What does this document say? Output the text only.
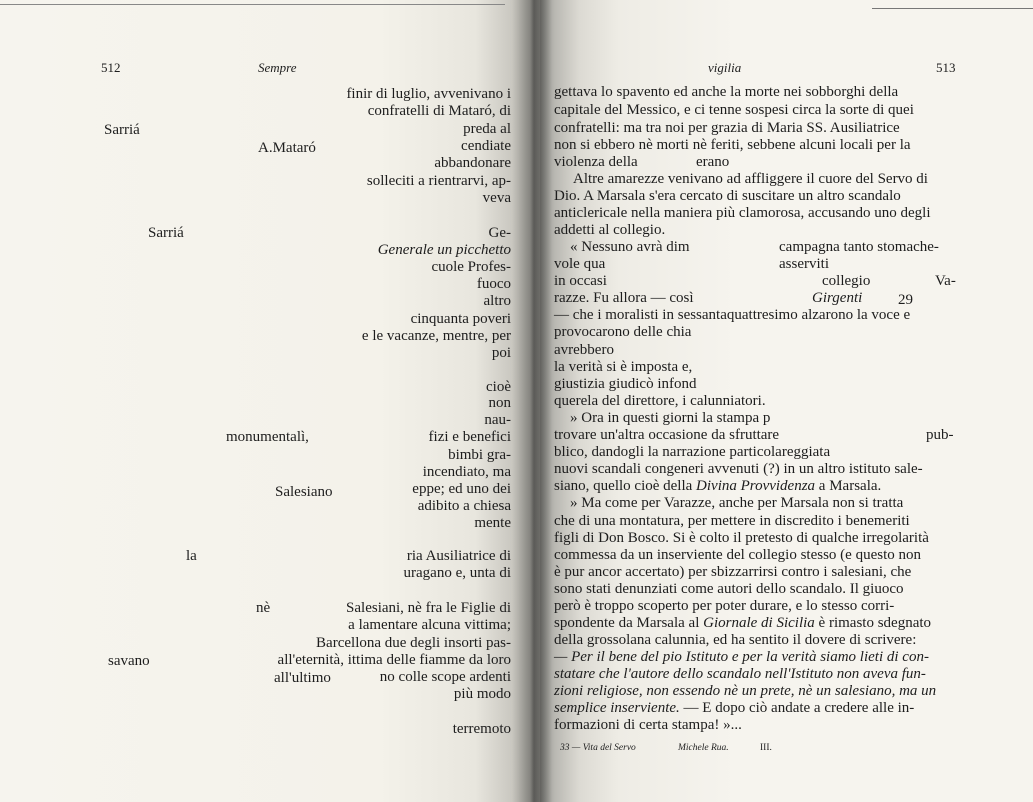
512	Sempre
Sarriá
A.Mataró
Sarriá
monumentalì,
Salesiano
la
nè
savano
all'ultimo
finir di luglio, avvenivano i
confratelli di Mataró, di
preda al
cendiate
abbandonare
solleciti a rientrarvi, ap-
veva
Ge-
Generale un picchetto
cuole Profes-
fuoco
altro
cinquanta poveri
e le vacanze, mentre, per
poi
cioè
non
nau-
fizi e benefici
bimbi gra-
incendiato, ma
eppe; ed uno dei
adibito a chiesa
mente
ria Ausiliatrice di
uragano e, unta di
Salesiani, nè fra le Figlie di
a lamentare alcuna vittima;
Barcellona due degli insorti pas-
all'eternità, ittima delle fiamme da loro
no colle scope ardenti
più modo
terremoto
vigilia	513
gettava lo spavento ed anche la morte nei sobborghi della
capitale del Messico, e ci tenne sospesi circa la sorte di quei
confratelli: ma tra noi per grazia di Maria SS. Ausiliatrice
non si ebbero nè morti nè feriti, sebbene alcuni locali per la
violenza della	erano
Altre amarezze venivano ad affliggere il cuore del Servo di
Dio. A Marsala s'era cercato di suscitare un altro scandalo
anticlericale nella maniera più clamorosa, accusando uno degli
addetti al collegio.
« Nessuno avrà dim	campagna tanto stomache-
vole qua	asserviti
in occasi	collegio	Va-
razze. Fu allora — così	Girgenti 29
— che i moralisti in sessantaquattresimo alzarono la voce e
provocarono delle chia
avrebbero
la verità si è imposta e,
giustizia giudicò infond
querela del direttore, i calunniatori.
» Ora in questi giorni la stampa p
trovare un'altra occasione da sfruttare	pub-
blico, dandogli la narrazione particolareggiata
nuovi scandali congeneri avvenuti (?) in un altro istituto sale-
siano, quello cioè della Divina Provvidenza a Marsala.
» Ma come per Varazze, anche per Marsala non si tratta
che di una montatura, per mettere in discredito i benemeriti
figli di Don Bosco. Si è colto il pretesto di qualche irregolarità
commessa da un inserviente del collegio stesso (e questo non
è pur ancor accertato) per sbizzarrirsi contro i salesiani, che
sono stati denunziati come autori dello scandalo. Il giuoco
però è troppo scoperto per poter durare, e lo stesso corri-
spondente da Marsala al Giornale di Sicilia è rimasto sdegnato
della grossolana calunnia, ed ha sentito il dovere di scrivere:
— Per il bene del pio Istituto e per la verità siamo lieti di con-
statare che l'autore dello scandalo nell'Istituto non aveva fun-
zioni religiose, non essendo nè un prete, nè un salesiano, ma un
semplice inserviente. — E dopo ciò andate a credere alle in-
formazioni di certa stampa! »...
33 — Vita del Servo	Michele Rua.	III.
